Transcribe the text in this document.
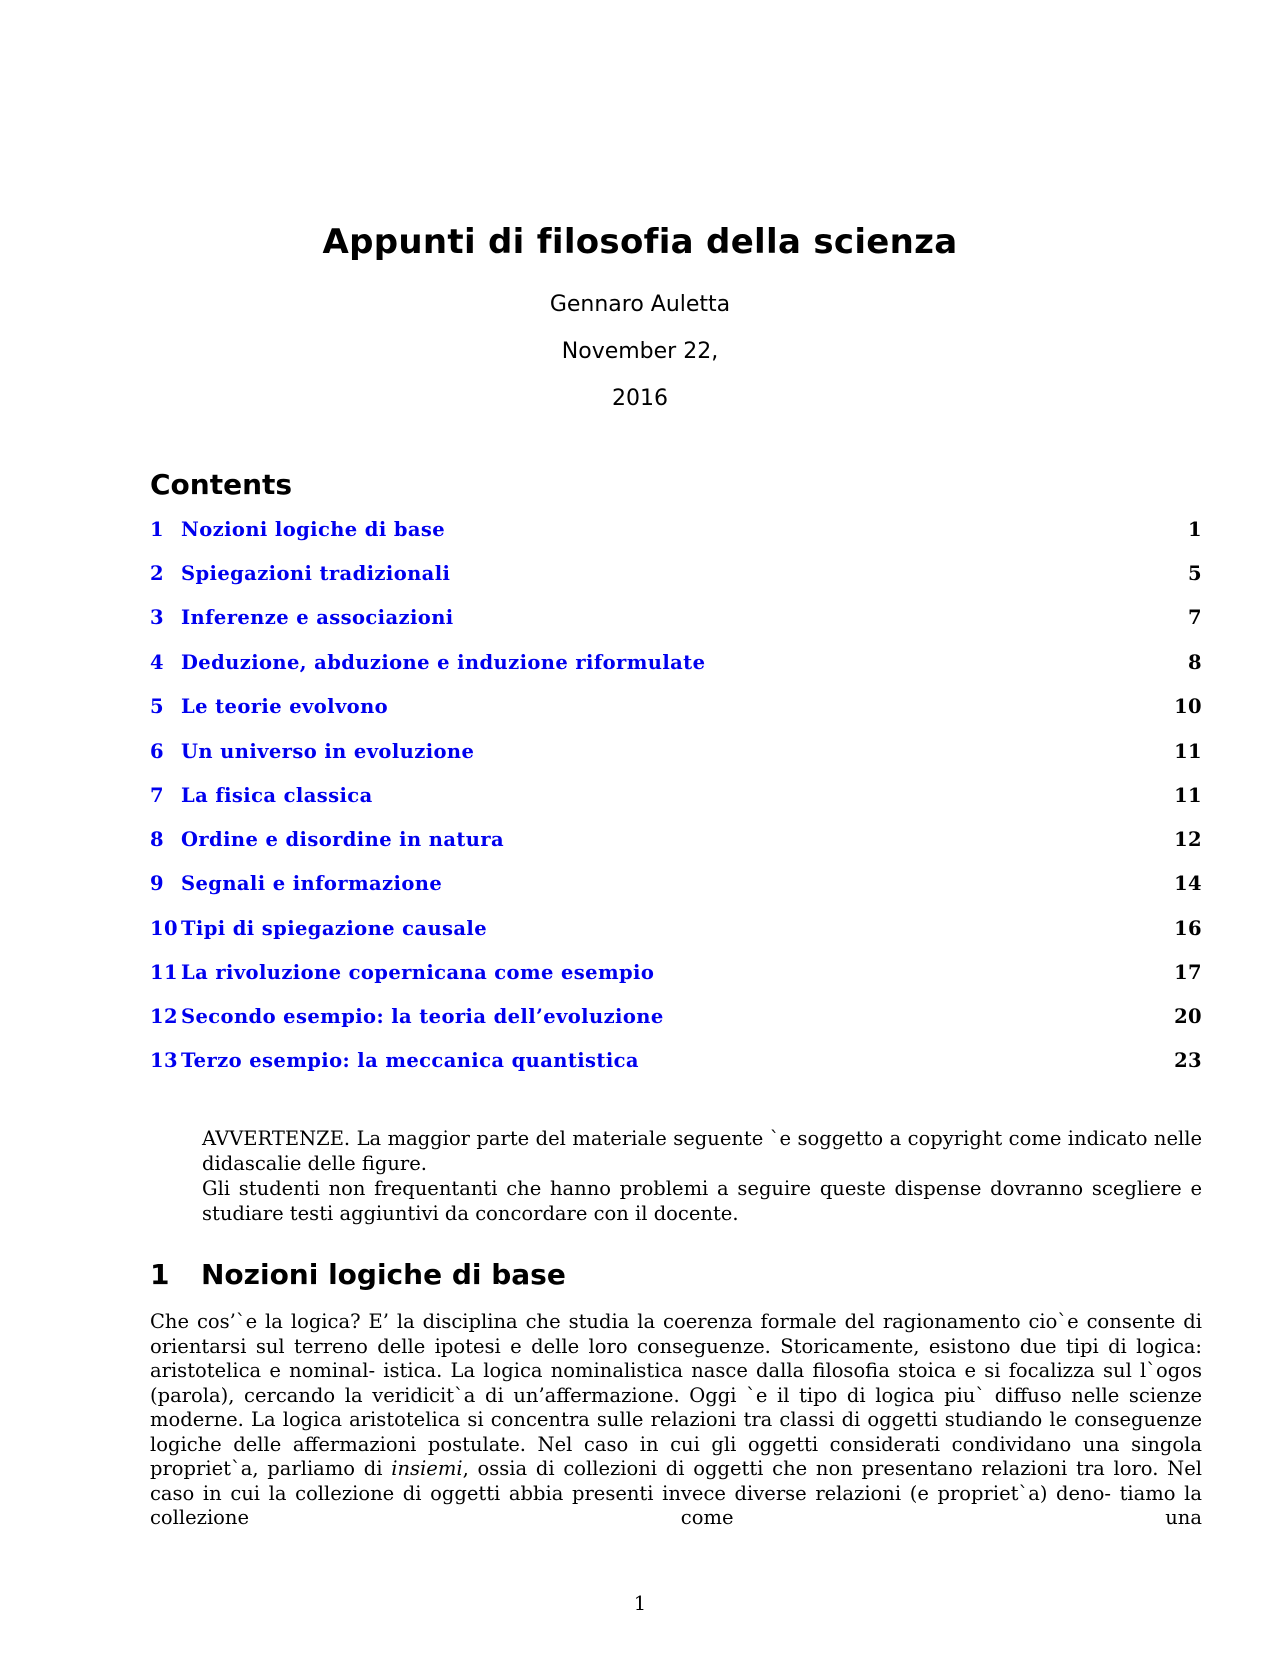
Appunti di filosofia della scienza
Gennaro Auletta
November 22,
2016
Contents
1 Nozioni logiche di base	1
2 Spiegazioni tradizionali	5
3 Inferenze e associazioni	7
4 Deduzione, abduzione e induzione riformulate	8
5 Le teorie evolvono	10
6 Un universo in evoluzione	11
7 La fisica classica	11
8 Ordine e disordine in natura	12
9 Segnali e informazione	14
10 Tipi di spiegazione causale	16
11 La rivoluzione copernicana come esempio	17
12 Secondo esempio: la teoria dell’evoluzione	20
13 Terzo esempio: la meccanica quantistica	23

AVVERTENZE. La maggior parte del materiale seguente `e soggetto a copyright come indicato nelle didascalie delle figure.

Gli studenti non frequentanti che hanno problemi a seguire queste dispense dovranno scegliere e studiare testi aggiuntivi da concordare con il docente.

1 Nozioni logiche di base
Che cos’`e la logica? E’ la disciplina che studia la coerenza formale del ragionamento cio`e consente di orientarsi sul terreno delle ipotesi e delle loro conseguenze. Storicamente, esistono due tipi di logica: aristotelica e nominal- istica. La logica nominalistica nasce dalla filosofia stoica e si focalizza sul l`ogos (parola), cercando la veridicit`a di un’affermazione. Oggi `e il tipo di logica piu` diffuso nelle scienze moderne. La logica aristotelica si concentra sulle relazioni tra classi di oggetti studiando le conseguenze logiche delle affermazioni postulate. Nel caso in cui gli oggetti considerati condividano una singola propriet`a, parliamo di insiemi, ossia di collezioni di oggetti che non presentano relazioni tra loro. Nel caso in cui la collezione di oggetti abbia presenti invece diverse relazioni (e propriet`a) deno- tiamo la collezione come una
1
